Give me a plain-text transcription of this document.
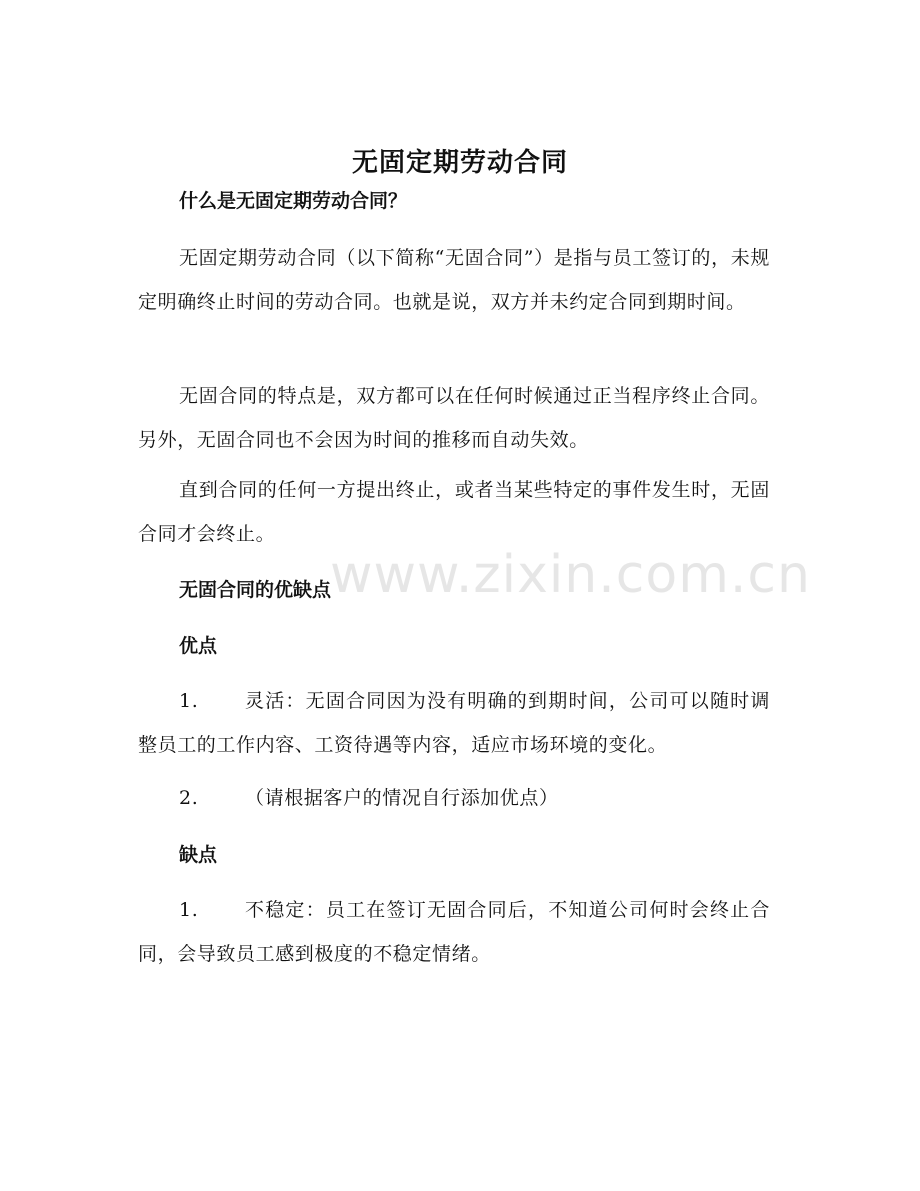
www.zixin.com.cn
无固定期劳动合同
什么是无固定期劳动合同？
无固定期劳动合同（以下简称“无固合同”）是指与员工签订的，未规定明确终止时间的劳动合同。也就是说，双方并未约定合同到期时间。
无固合同的特点是，双方都可以在任何时候通过正当程序终止合同。另外，无固合同也不会因为时间的推移而自动失效。
直到合同的任何一方提出终止，或者当某些特定的事件发生时，无固合同才会终止。
无固合同的优缺点
优点
1.	灵活：无固合同因为没有明确的到期时间，公司可以随时调整员工的工作内容、工资待遇等内容，适应市场环境的变化。
2.	（请根据客户的情况自行添加优点）
缺点
1.	不稳定：员工在签订无固合同后，不知道公司何时会终止合同，会导致员工感到极度的不稳定情绪。
